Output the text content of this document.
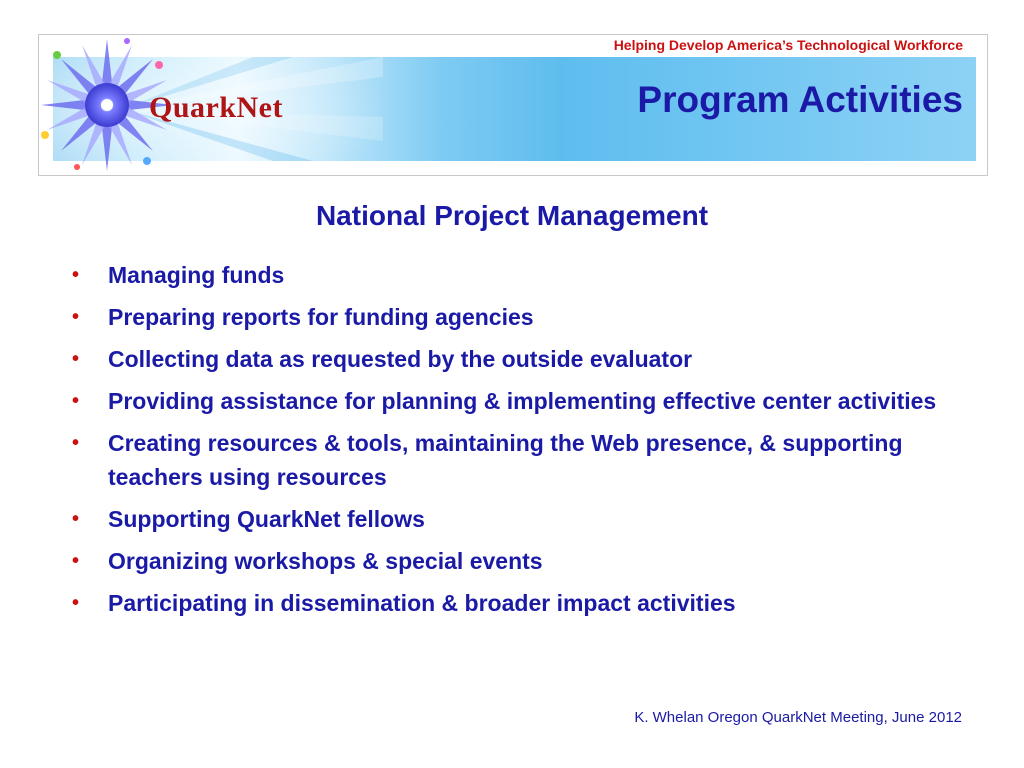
Helping Develop America’s Technological Workforce
Program Activities
QuarkNet
National Project Management
• Managing funds
• Preparing reports for funding agencies
• Collecting data as requested by the outside evaluator
• Providing assistance for planning & implementing effective center activities
• Creating resources & tools, maintaining the Web presence, & supporting teachers using resources
• Supporting QuarkNet fellows
• Organizing workshops & special events
• Participating in dissemination & broader impact activities
K. Whelan Oregon QuarkNet Meeting, June 2012
